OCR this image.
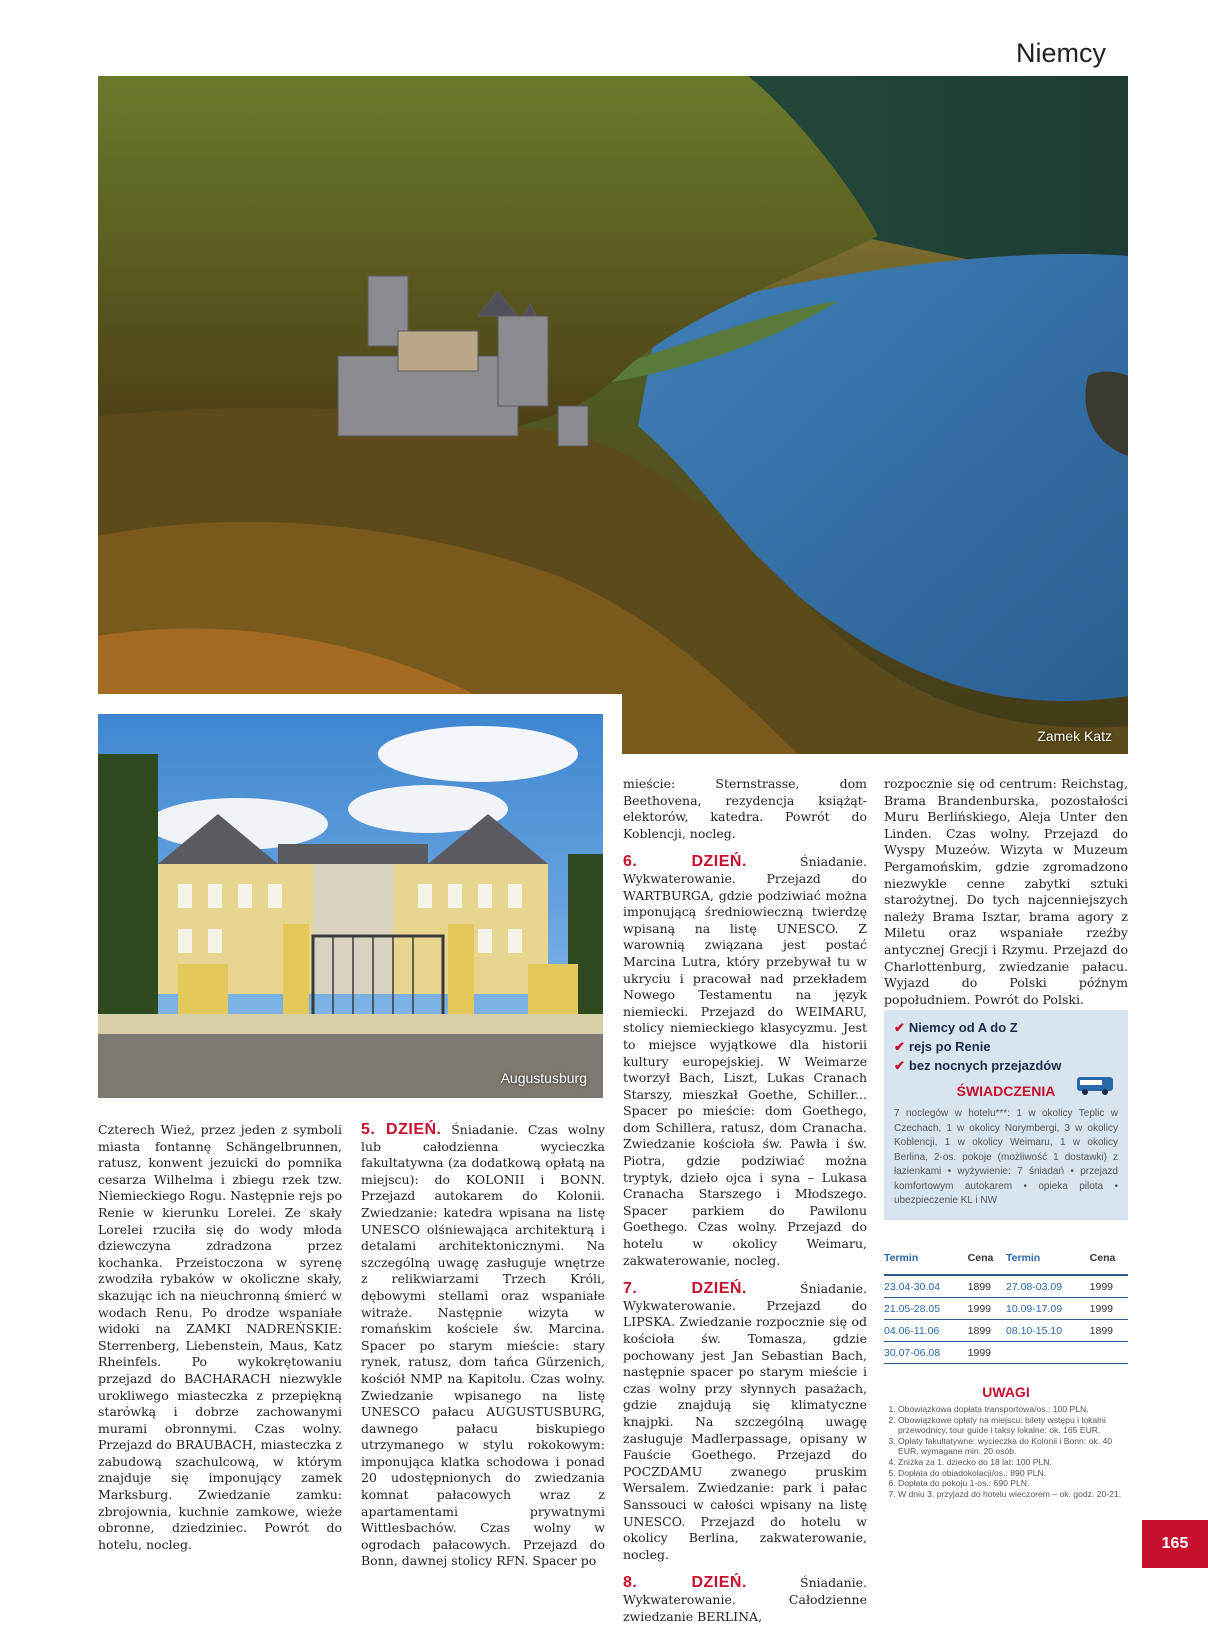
Niemcy
Zamek Katz
Augustusburg

Czterech Wież, przez jeden z symboli miasta fontannę Schängelbrunnen, ratusz, konwent jezuicki do pomnika cesarza Wilhelma i zbiegu rzek tzw. Niemieckiego Rogu. Następnie rejs po Renie w kierunku Lorelei. Ze skały Lorelei rzuciła się do wody młoda dziewczyna zdradzona przez kochanka. Przeistoczona w syrenę zwodziła rybaków w okoliczne skały, skazując ich na nieuchronną śmierć w wodach Renu. Po drodze wspaniałe widoki na ZAMKI NADREŃSKIE: Sterrenberg, Liebenstein, Maus, Katz Rheinfels. Po wykokrętowaniu przejazd do BACHARACH niezwykle urokliwego miasteczka z przepiękną starówką i dobrze zachowanymi murami obronnymi. Czas wolny. Przejazd do BRAUBACH, miasteczka z zabudową szachulcową, w którym znajduje się imponujący zamek Marksburg. Zwiedzanie zamku: zbrojownia, kuchnie zamkowe, wieże obronne, dziedziniec. Powrót do hotelu, nocleg.

5. DZIEŃ. Śniadanie. Czas wolny lub całodzienna wycieczka fakultatywna (za dodatkową opłatą na miejscu): do KOLONII i BONN. Przejazd autokarem do Kolonii. Zwiedzanie: katedra wpisana na listę UNESCO olśniewająca architekturą i detalami architektonicznymi. Na szczególną uwagę zasługuje wnętrze z relikwiarzami Trzech Króli, dębowymi stellami oraz wspaniałe witraże. Następnie wizyta w romańskim kościele św. Marcina. Spacer po starym mieście: stary rynek, ratusz, dom tańca Gürzenich, kościół NMP na Kapitolu. Czas wolny. Zwiedzanie wpisanego na listę UNESCO pałacu AUGUSTUSBURG, dawnego pałacu biskupiego utrzymanego w stylu rokokowym: imponująca klatka schodowa i ponad 20 udostępnionych do zwiedzania komnat pałacowych wraz z apartamentami prywatnymi Wittlesbachów. Czas wolny w ogrodach pałacowych. Przejazd do Bonn, dawnej stolicy RFN. Spacer po

mieście: Sternstrasse, dom Beethovena, rezydencja książąt-elektorów, katedra. Powrót do Koblencji, nocleg.

6. DZIEŃ. Śniadanie. Wykwaterowanie. Przejazd do WARTBURGA, gdzie podziwiać można imponującą średniowieczną twierdzę wpisaną na listę UNESCO. Z warownią związana jest postać Marcina Lutra, który przebywał tu w ukryciu i pracował nad przekładem Nowego Testamentu na język niemiecki. Przejazd do WEIMARU, stolicy niemieckiego klasycyzmu. Jest to miejsce wyjątkowe dla historii kultury europejskiej. W Weimarze tworzył Bach, Liszt, Lukas Cranach Starszy, mieszkał Goethe, Schiller... Spacer po mieście: dom Goethego, dom Schillera, ratusz, dom Cranacha. Zwiedzanie kościoła św. Pawła i św. Piotra, gdzie podziwiać można tryptyk, dzieło ojca i syna – Lukasa Cranacha Starszego i Młodszego. Spacer parkiem do Pawilonu Goethego. Czas wolny. Przejazd do hotelu w okolicy Weimaru, zakwaterowanie, nocleg.

7. DZIEŃ. Śniadanie. Wykwaterowanie. Przejazd do LIPSKA. Zwiedzanie rozpocznie się od kościoła św. Tomasza, gdzie pochowany jest Jan Sebastian Bach, następnie spacer po starym mieście i czas wolny przy słynnych pasażach, gdzie znajdują się klimatyczne knajpki. Na szczególną uwagę zasługuje Madlerpassage, opisany w Fauście Goethego. Przejazd do POCZDAMU zwanego pruskim Wersalem. Zwiedzanie: park i pałac Sanssouci w całości wpisany na listę UNESCO. Przejazd do hotelu w okolicy Berlina, zakwaterowanie, nocleg.

8. DZIEŃ. Śniadanie. Wykwaterowanie. Całodzienne zwiedzanie BERLINA,

rozpocznie się od centrum: Reichstag, Brama Brandenburska, pozostałości Muru Berlińskiego, Aleja Unter den Linden. Czas wolny. Przejazd do Wyspy Muzeów. Wizyta w Muzeum Pergamońskim, gdzie zgromadzono niezwykle cenne zabytki sztuki starożytnej. Do tych najcenniejszych należy Brama Isztar, brama agory z Miletu oraz wspaniałe rzeźby antycznej Grecji i Rzymu. Przejazd do Charlottenburg, zwiedzanie pałacu. Wyjazd do Polski późnym popołudniem. Powrót do Polski.

✔ Niemcy od A do Z
✔ rejs po Renie
✔ bez nocnych przejazdów
ŚWIADCZENIA
7 noclegów w hotelu***: 1 w okolicy Teplic w Czechach, 1 w okolicy Norymbergi, 3 w okolicy Koblencji, 1 w okolicy Weimaru, 1 w okolicy Berlina, 2-os. pokoje (możliwość 1 dostawki) z łazienkami • wyżywienie: 7 śniadań • przejazd komfortowym autokarem • opieka pilota • ubezpieczenie KL i NW
Termin	Cena	Termin	Cena
23.04-30.04	1899	27.08-03.09	1999
21.05-28.05	1999	10.09-17.09	1999
04.06-11.06	1899	08.10-15.10	1899
30.07-06.08	1999		
UWAGI
1. Obowiązkowa dopłata transportowa/os.: 100 PLN.
2. Obowiązkowe opłaty na miejscu: bilety wstępu i lokalni przewodnicy, tour guide i taksy lokalne: ok. 165 EUR.
3. Opłaty fakultatywne: wycieczka do Kolonii i Bonn: ok. 40 EUR, wymagane min. 20 osób.
4. Zniżka za 1. dziecko do 18 lat: 100 PLN.
5. Dopłata do obiadokolacji/os.: 890 PLN.
6. Dopłata do pokoju 1-os.: 690 PLN.
7. W dniu 3. przyjazd do hotelu wieczorem – ok. godz. 20-21.
165
